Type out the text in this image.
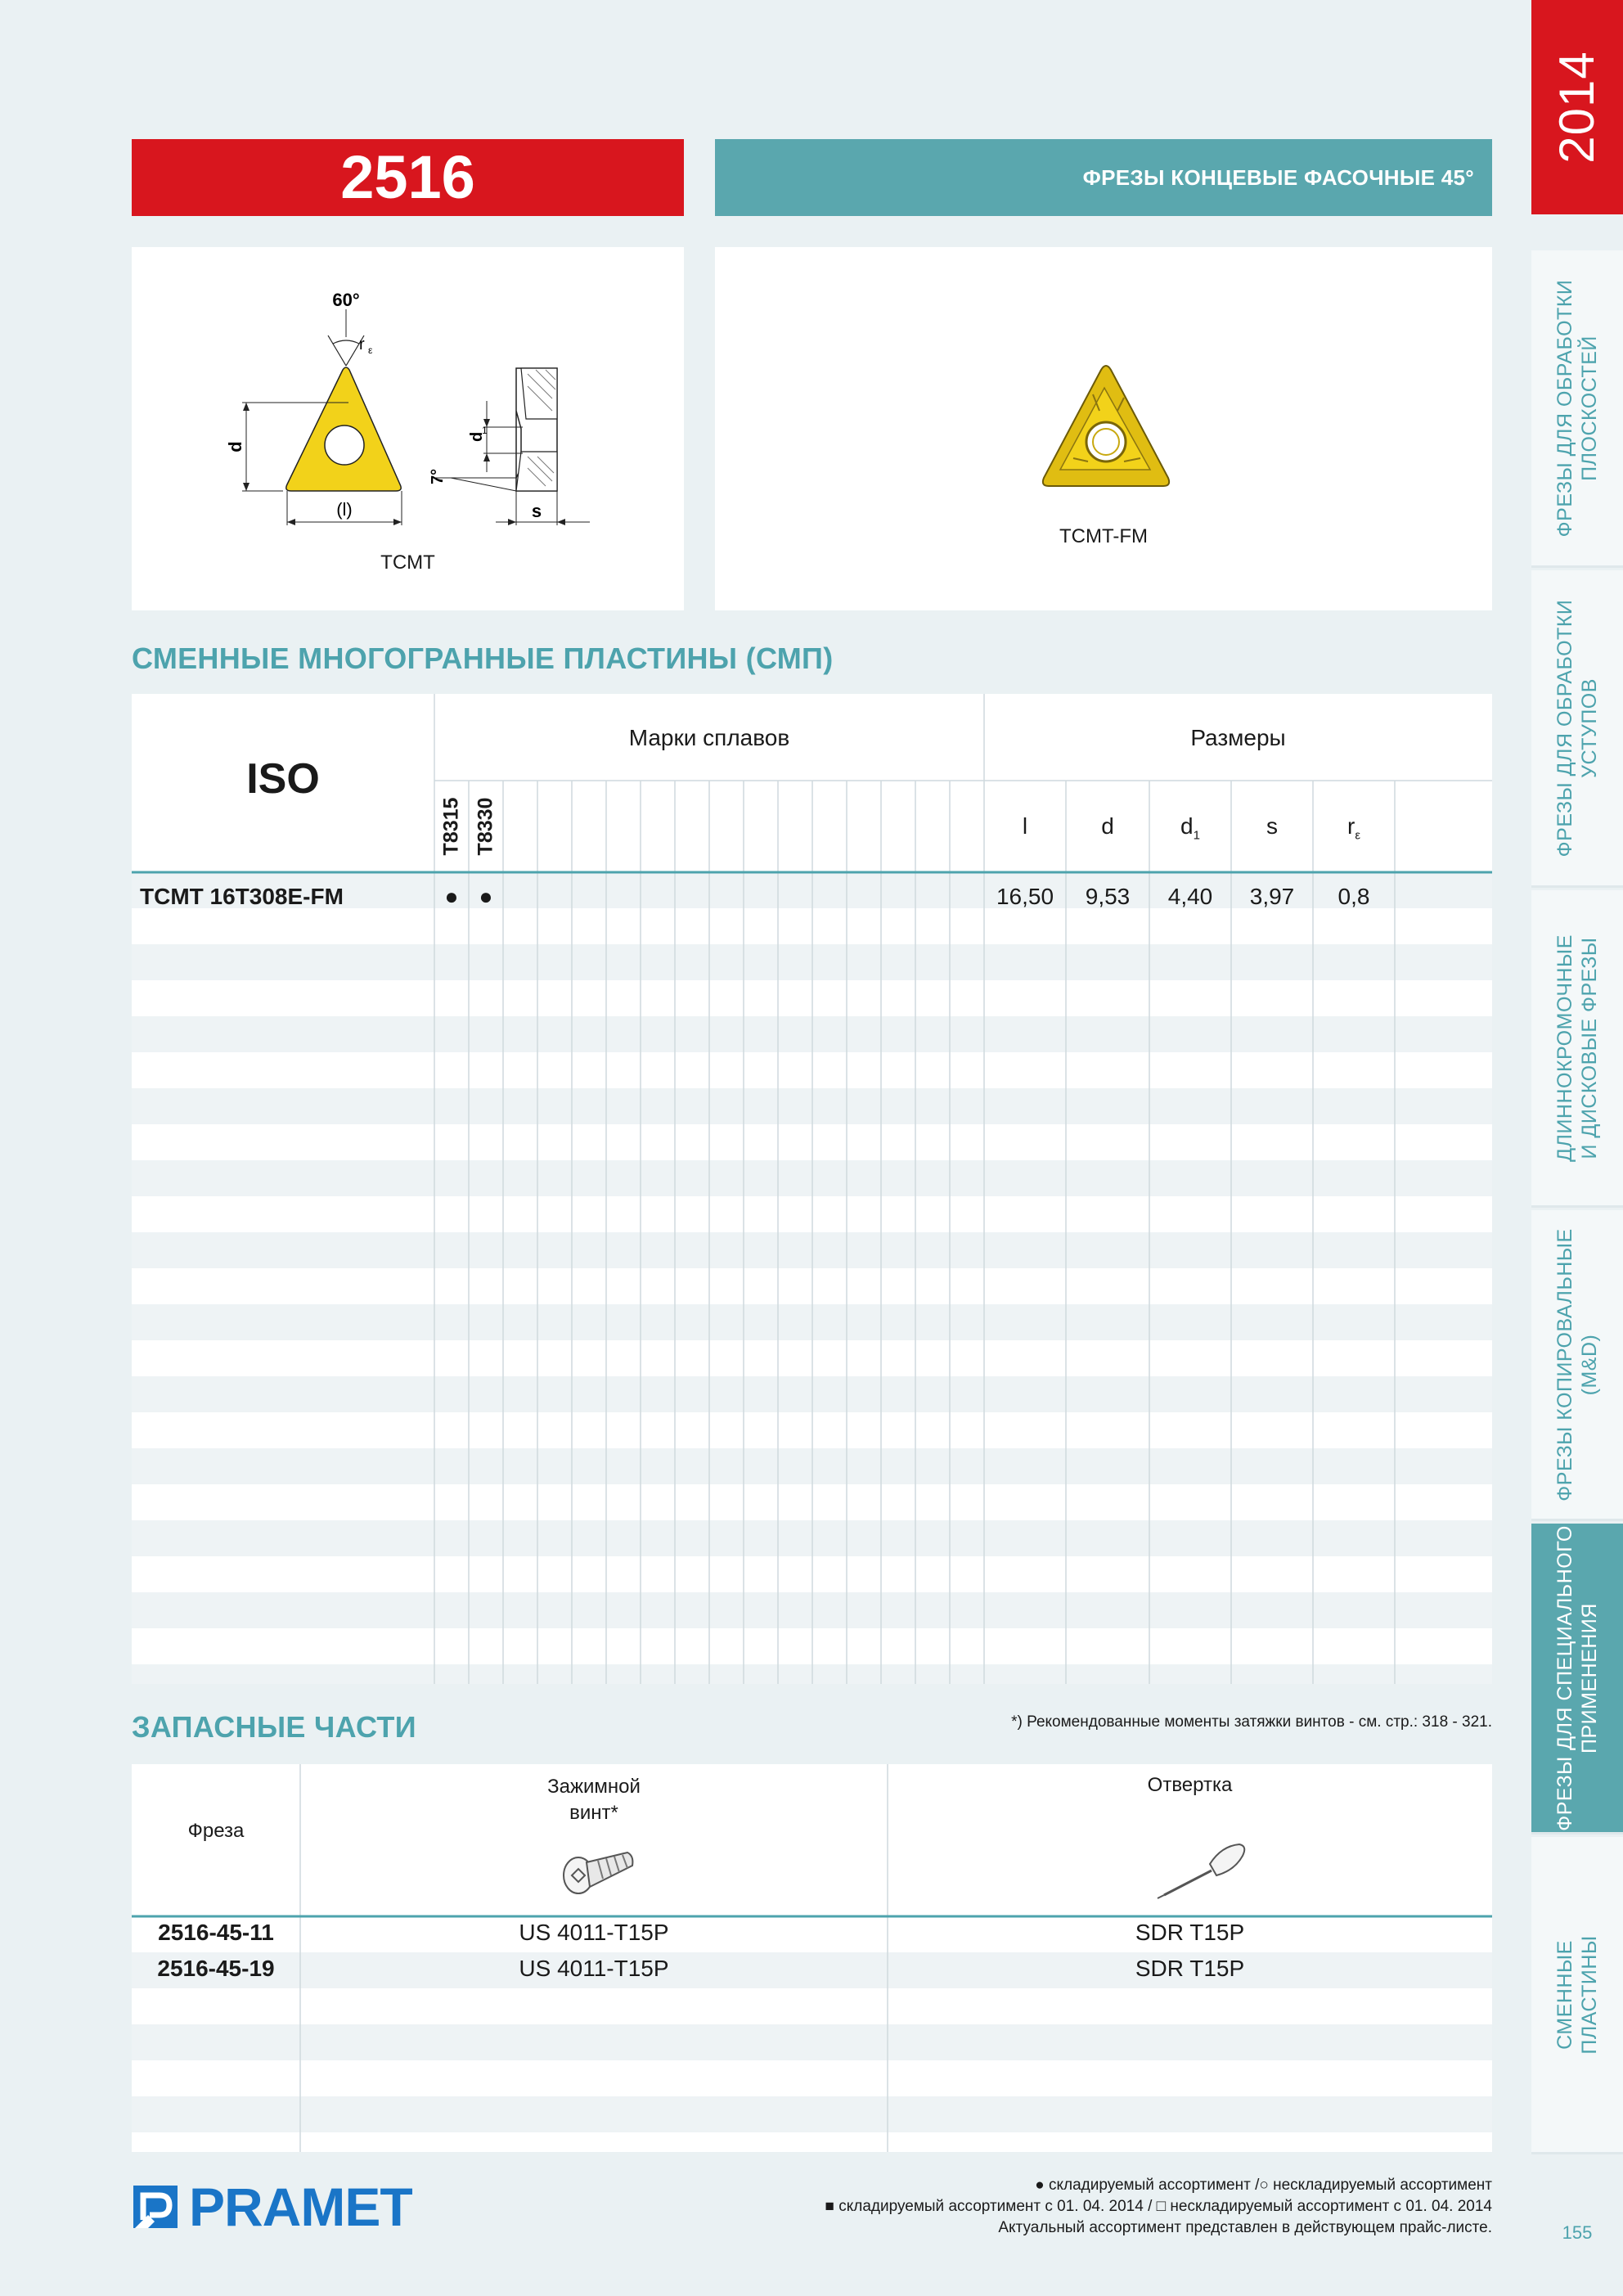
2014
ФРЕЗЫ ДЛЯ ОБРАБОТКИ
ПЛОСКОСТЕЙ
ФРЕЗЫ ДЛЯ ОБРАБОТКИ
УСТУПОВ
ДЛИННОКРОМОЧНЫЕ
И ДИСКОВЫЕ ФРЕЗЫ
ФРЕЗЫ КОПИРОВАЛЬНЫЕ
(M&D)
ФРЕЗЫ ДЛЯ СПЕЦИАЛЬНОГО
ПРИМЕНЕНИЯ
СМЕННЫЕ
ПЛАСТИНЫ
155
2516	ФРЕЗЫ КОНЦЕВЫЕ ФАСОЧНЫЕ 45°
60°
r ε
d
(l)
d
1
7°
s
TCMT
TCMT-FM
СМЕННЫЕ МНОГОГРАННЫЕ ПЛАСТИНЫ (СМП)
ISO
Марки сплавов	Размеры
T8315 T8330	l	d	$d_1$	s	$r_\varepsilon$
TCMT 16T308E-FM	● ●	16,50	9,53	4,40	3,97	0,8
ЗАПАСНЫЕ ЧАСТИ	*) Рекомендованные моменты затяжки винтов - см. стр.: 318 - 321.
Фреза
Зажимной
винт*
Отвертка
2516-45-11	US 4011-T15P	SDR T15P
2516-45-19	US 4011-T15P	SDR T15P
● складируемый ассортимент /○ несклaдируемый ассортимент
■ складируемый ассортимент с 01. 04. 2014 / □ несклaдируемый ассортимент с 01. 04. 2014
Актуальный ассортимент представлен в действующем прайс-листе.
PRAMET
